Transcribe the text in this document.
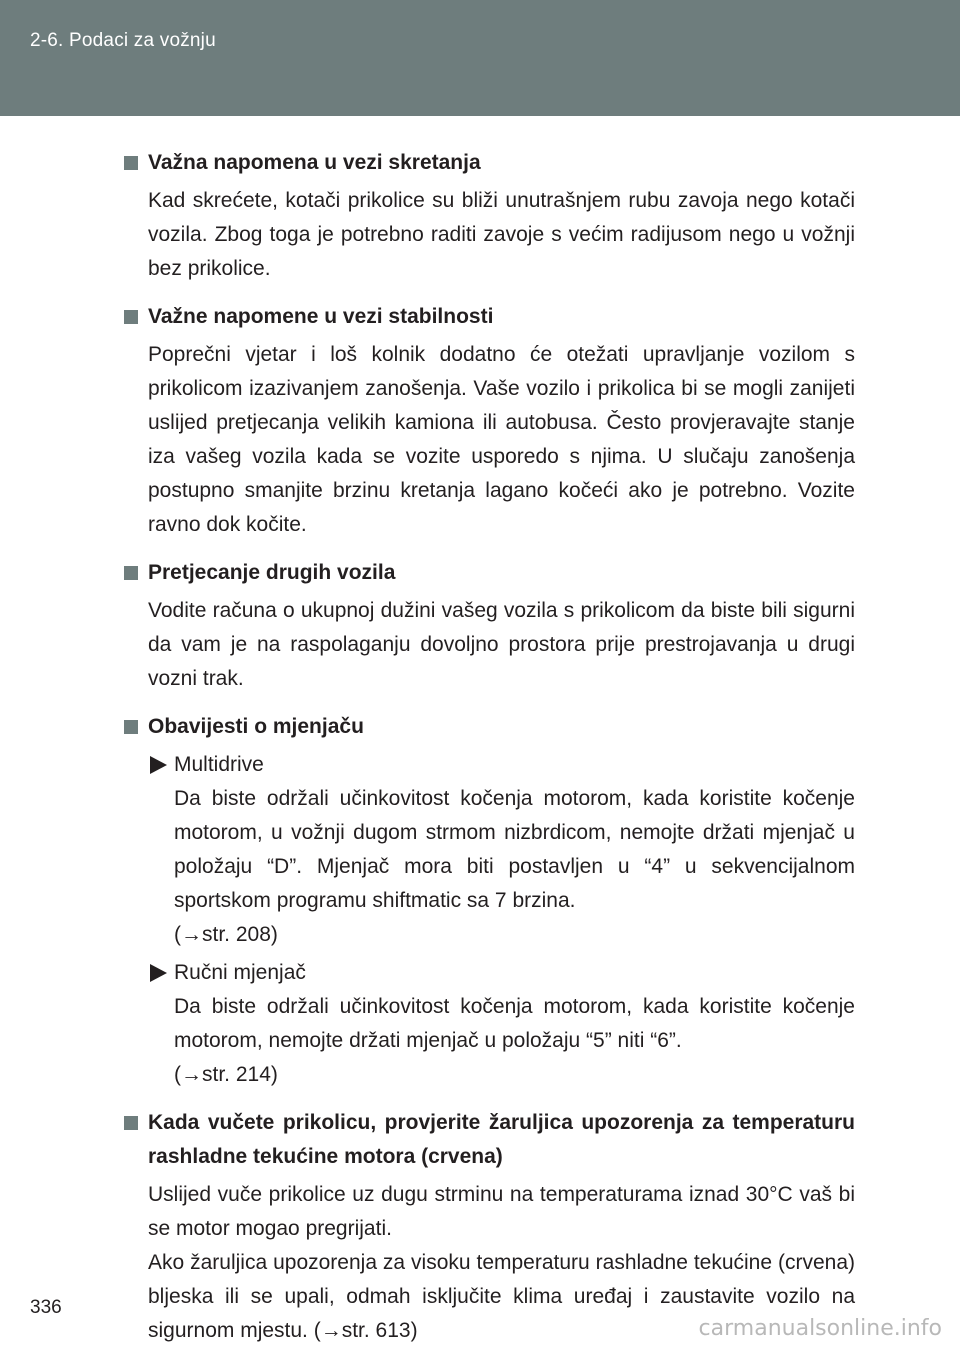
2-6. Podaci za vožnju
Važna napomena u vezi skretanja
Kad skrećete, kotači prikolice su bliži unutrašnjem rubu zavoja nego kotači vozila. Zbog toga je potrebno raditi zavoje s većim radijusom nego u vožnji bez prikolice.
Važne napomene u vezi stabilnosti
Poprečni vjetar i loš kolnik dodatno će otežati upravljanje vozilom s prikolicom izazivanjem zanošenja. Vaše vozilo i prikolica bi se mogli zanijeti uslijed pretjecanja velikih kamiona ili autobusa. Često provjeravajte stanje iza vašeg vozila kada se vozite usporedo s njima. U slučaju zanošenja postupno smanjite brzinu kretanja lagano kočeći ako je potrebno. Vozite ravno dok kočite.
Pretjecanje drugih vozila
Vodite računa o ukupnoj dužini vašeg vozila s prikolicom da biste bili sigurni da vam je na raspolaganju dovoljno prostora prije prestrojavanja u drugi vozni trak.
Obavijesti o mjenjaču
Multidrive
Da biste održali učinkovitost kočenja motorom, kada koristite kočenje motorom, u vožnji dugom strmom nizbrdicom, nemojte držati mjenjač u položaju “D”. Mjenjač mora biti postavljen u “4” u sekvencijalnom sportskom programu shiftmatic sa 7 brzina.
(→str. 208)
Ručni mjenjač
Da biste održali učinkovitost kočenja motorom, kada koristite kočenje motorom, nemojte držati mjenjač u položaju “5” niti “6”.
(→str. 214)
Kada vučete prikolicu, provjerite žaruljica upozorenja za temperaturu rashladne tekućine motora (crvena)
Uslijed vuče prikolice uz dugu strminu na temperaturama iznad 30°C vaš bi se motor mogao pregrijati.
Ako žaruljica upozorenja za visoku temperaturu rashladne tekućine (crvena) bljeska ili se upali, odmah isključite klima uređaj i zaustavite vozilo na sigurnom mjestu. (→str. 613)
336
carmanualsonline.info
